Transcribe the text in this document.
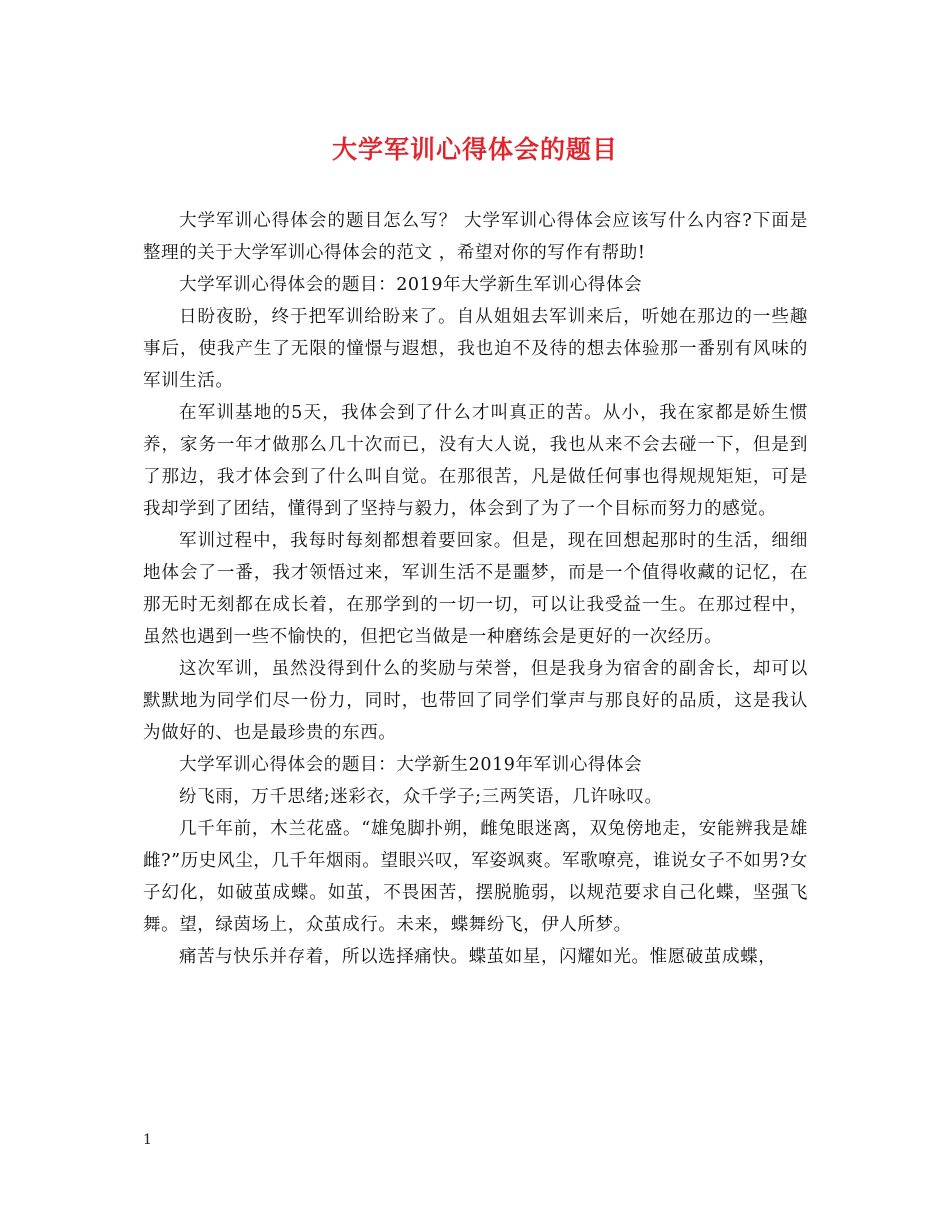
大学军训心得体会的题目

大学军训心得体会的题目怎么写？ 大学军训心得体会应该写什么内容?下面是整理的关于大学军训心得体会的范文 ，希望对你的写作有帮助!

大学军训心得体会的题目：2019年大学新生军训心得体会

日盼夜盼，终于把军训给盼来了。自从姐姐去军训来后，听她在那边的一些趣事后，使我产生了无限的憧憬与遐想，我也迫不及待的想去体验那一番别有风味的军训生活。

在军训基地的5天，我体会到了什么才叫真正的苦。从小，我在家都是娇生惯养，家务一年才做那么几十次而已，没有大人说，我也从来不会去碰一下，但是到了那边，我才体会到了什么叫自觉。在那很苦，凡是做任何事也得规规矩矩，可是我却学到了团结，懂得到了坚持与毅力，体会到了为了一个目标而努力的感觉。

军训过程中，我每时每刻都想着要回家。但是，现在回想起那时的生活，细细地体会了一番，我才领悟过来，军训生活不是噩梦，而是一个值得收藏的记忆，在那无时无刻都在成长着，在那学到的一切一切，可以让我受益一生。在那过程中，虽然也遇到一些不愉快的，但把它当做是一种磨练会是更好的一次经历。

这次军训，虽然没得到什么的奖励与荣誉，但是我身为宿舍的副舍长，却可以默默地为同学们尽一份力，同时，也带回了同学们掌声与那良好的品质，这是我认为做好的、也是最珍贵的东西。

大学军训心得体会的题目：大学新生2019年军训心得体会

纷飞雨，万千思绪;迷彩衣，众千学子;三两笑语，几许咏叹。

几千年前，木兰花盛。“雄兔脚扑朔，雌兔眼迷离，双兔傍地走，安能辨我是雄雌?”历史风尘，几千年烟雨。望眼兴叹，军姿飒爽。军歌嘹亮，谁说女子不如男?女子幻化，如破茧成蝶。如茧，不畏困苦，摆脱脆弱，以规范要求自己化蝶，坚强飞舞。望，绿茵场上，众茧成行。未来，蝶舞纷飞，伊人所梦。

痛苦与快乐并存着，所以选择痛快。蝶茧如星，闪耀如光。惟愿破茧成蝶，

1
